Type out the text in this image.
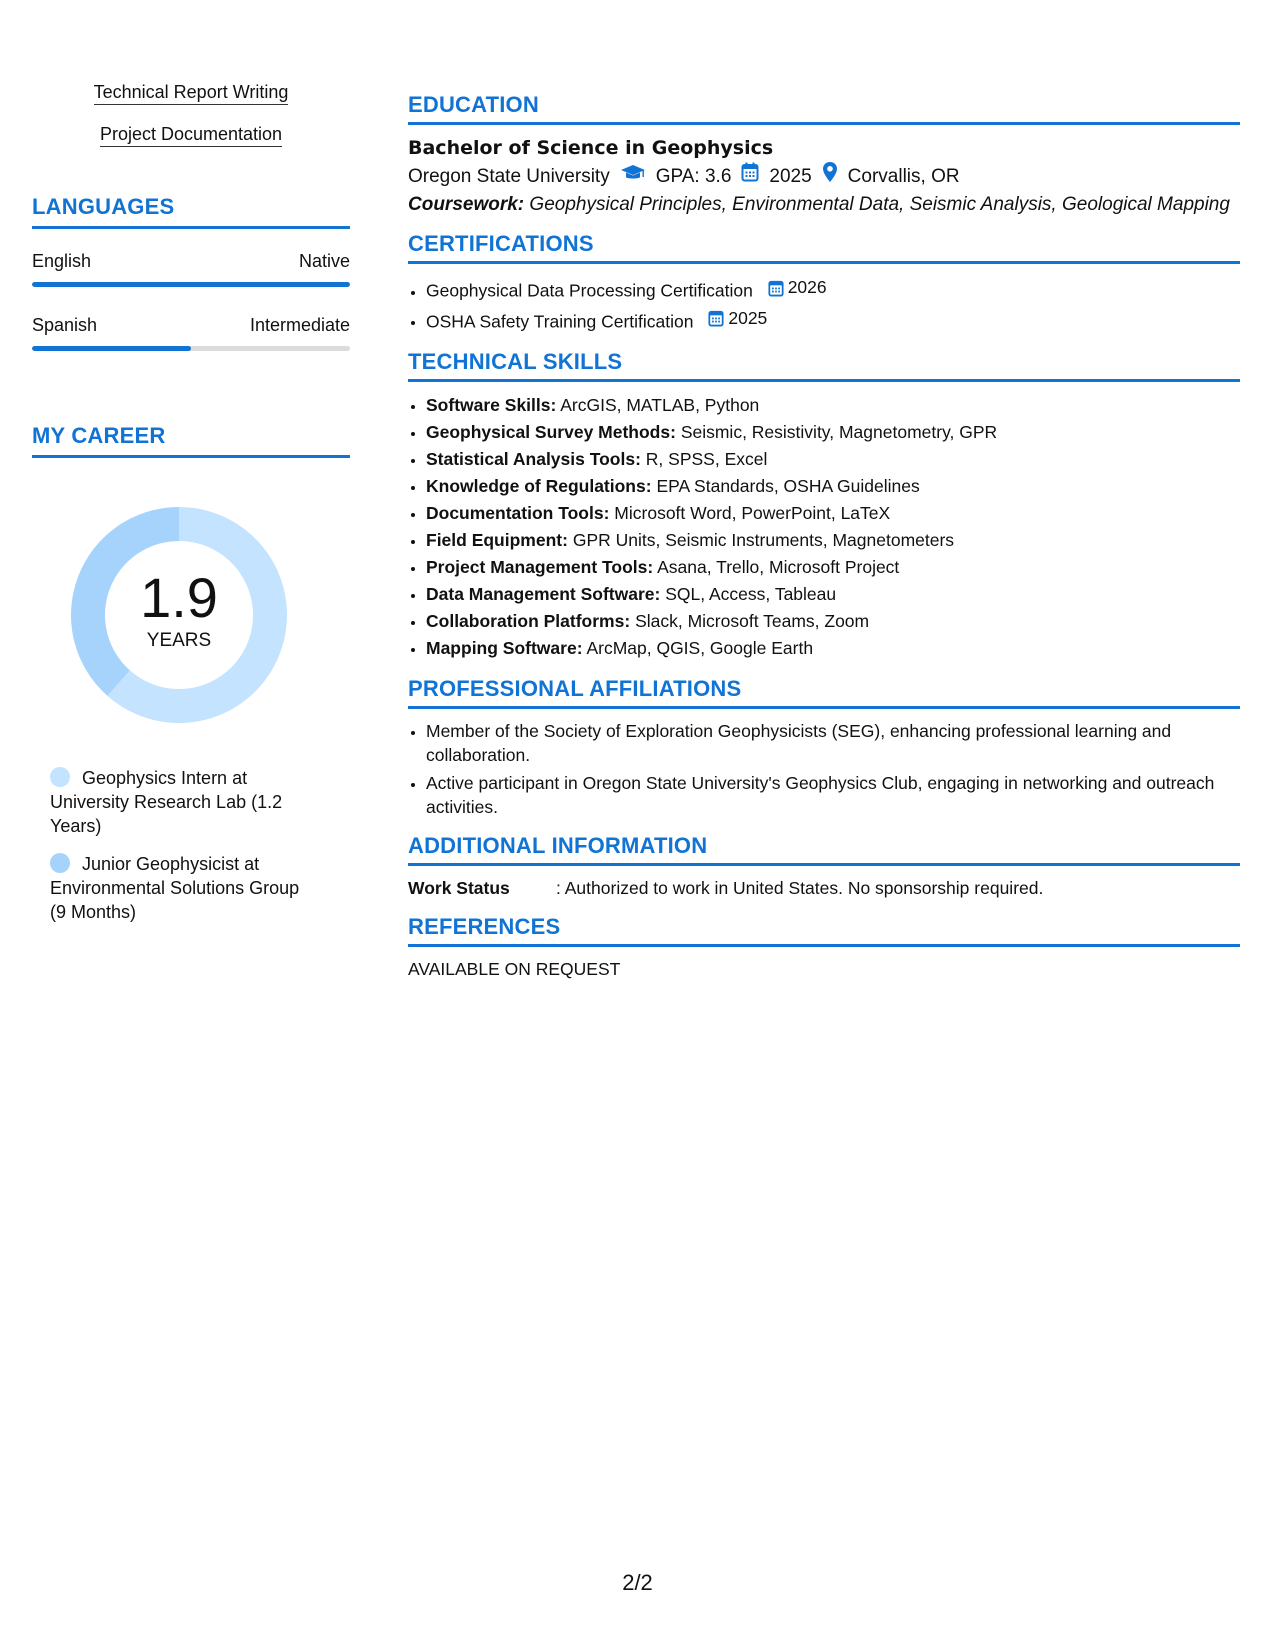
Technical Report Writing
Project Documentation
LANGUAGES
English	Native
Spanish	Intermediate
MY CAREER
1.9
YEARS
Geophysics Intern at University Research Lab (1.2 Years)
Junior Geophysicist at Environmental Solutions Group (9 Months)
EDUCATION
Bachelor of Science in Geophysics
Oregon State University GPA: 3.6 2025 Corvallis, OR
Coursework: Geophysical Principles, Environmental Data, Seismic Analysis, Geological Mapping
CERTIFICATIONS
• Geophysical Data Processing Certification 2026
• OSHA Safety Training Certification 2025
TECHNICAL SKILLS
• Software Skills: ArcGIS, MATLAB, Python
• Geophysical Survey Methods: Seismic, Resistivity, Magnetometry, GPR
• Statistical Analysis Tools: R, SPSS, Excel
• Knowledge of Regulations: EPA Standards, OSHA Guidelines
• Documentation Tools: Microsoft Word, PowerPoint, LaTeX
• Field Equipment: GPR Units, Seismic Instruments, Magnetometers
• Project Management Tools: Asana, Trello, Microsoft Project
• Data Management Software: SQL, Access, Tableau
• Collaboration Platforms: Slack, Microsoft Teams, Zoom
• Mapping Software: ArcMap, QGIS, Google Earth
PROFESSIONAL AFFILIATIONS
• Member of the Society of Exploration Geophysicists (SEG), enhancing professional learning and collaboration.
• Active participant in Oregon State University's Geophysics Club, engaging in networking and outreach activities.
ADDITIONAL INFORMATION
Work Status	: Authorized to work in United States. No sponsorship required.
REFERENCES
AVAILABLE ON REQUEST
2/2
